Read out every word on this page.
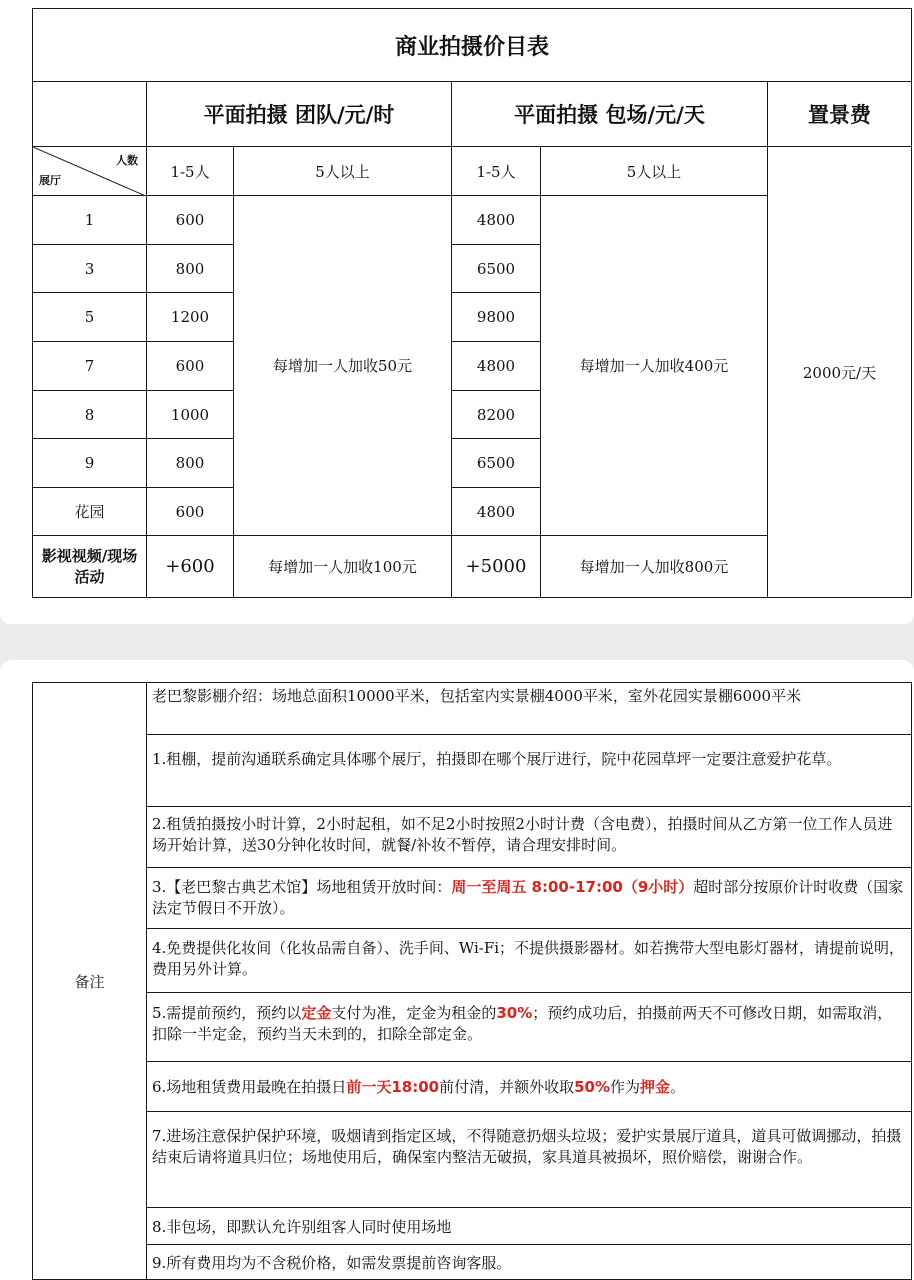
商业拍摄价目表
平面拍摄 团队/元/时	平面拍摄 包场/元/天	置景费
人数
展厅	1-5人	5人以上	1-5人	5人以上
1	600	4800
3	800	6500
5	1200	9800
7	600	4800
8	1000	8200
9	800	6500
花园	600	4800
每增加一人加收50元	每增加一人加收400元	2000元/天
影视视频/现场活动	+600	每增加一人加收100元	+5000	每增加一人加收800元
备注
老巴黎影棚介绍：场地总面积10000平米，包括室内实景棚4000平米，室外花园实景棚6000平米
1.租棚，提前沟通联系确定具体哪个展厅，拍摄即在哪个展厅进行，院中花园草坪一定要注意爱护花草。
2.租赁拍摄按小时计算，2小时起租，如不足2小时按照2小时计费（含电费），拍摄时间从乙方第一位工作人员进场开始计算，送30分钟化妆时间，就餐/补妆不暂停，请合理安排时间。
3.【老巴黎古典艺术馆】场地租赁开放时间：周一至周五 8:00-17:00（9小时）超时部分按原价计时收费（国家法定节假日不开放）。
4.免费提供化妆间（化妆品需自备）、洗手间、Wi-Fi；不提供摄影器材。如若携带大型电影灯器材，请提前说明，费用另外计算。
5.需提前预约，预约以定金支付为准，定金为租金的30%；预约成功后，拍摄前两天不可修改日期，如需取消，扣除一半定金，预约当天未到的，扣除全部定金。
6.场地租赁费用最晚在拍摄日前一天18:00前付清，并额外收取50%作为押金。
7.进场注意保护保护环境，吸烟请到指定区域，不得随意扔烟头垃圾；爱护实景展厅道具，道具可做调挪动，拍摄结束后请将道具归位；场地使用后，确保室内整洁无破损，家具道具被损坏，照价赔偿，谢谢合作。
8.非包场，即默认允许别组客人同时使用场地
9.所有费用均为不含税价格，如需发票提前咨询客服。
